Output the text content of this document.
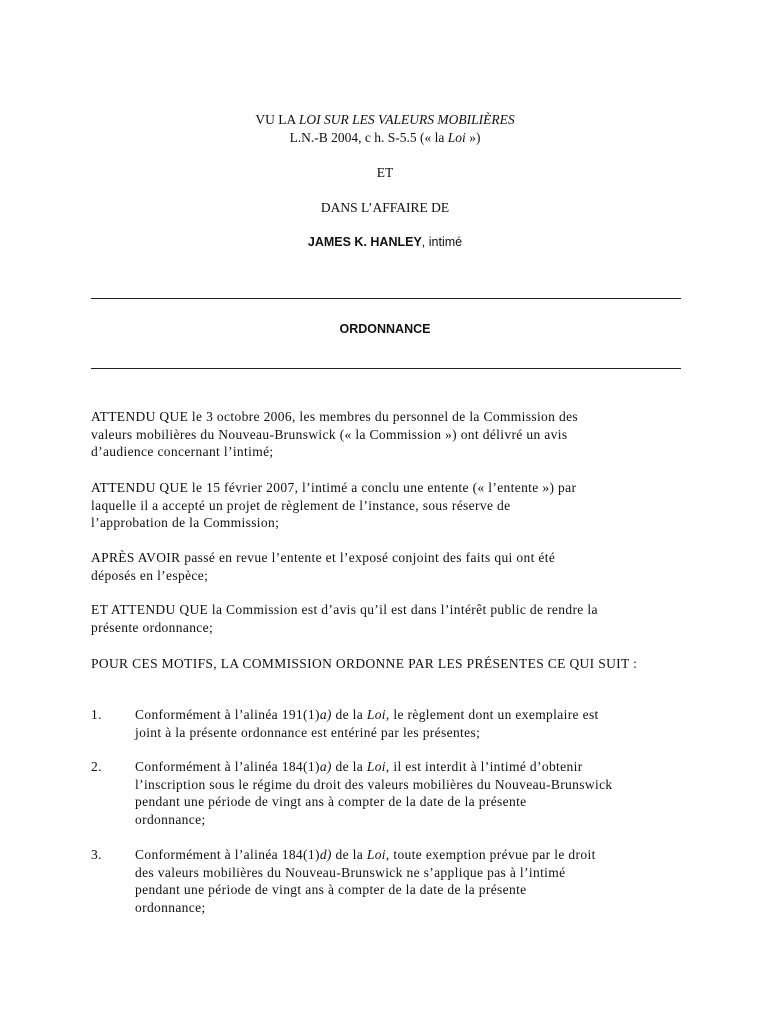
VU LA LOI SUR LES VALEURS MOBILIÈRES
L.N.-B 2004, c h. S-5.5 (« la Loi »)
ET
DANS L’AFFAIRE DE
JAMES K. HANLEY, intimé
ORDONNANCE
ATTENDU QUE le 3 octobre 2006, les membres du personnel de la Commission des
valeurs mobilières du Nouveau-Brunswick (« la Commission ») ont délivré un avis
d’audience concernant l’intimé;
ATTENDU QUE le 15 février 2007, l’intimé a conclu une entente (« l’entente ») par
laquelle il a accepté un projet de règlement de l’instance, sous réserve de
l’approbation de la Commission;
APRÈS AVOIR passé en revue l’entente et l’exposé conjoint des faits qui ont été
déposés en l’espèce;
ET ATTENDU QUE la Commission est d’avis qu’il est dans l’intérêt public de rendre la
présente ordonnance;
POUR CES MOTIFS, LA COMMISSION ORDONNE PAR LES PRÉSENTES CE QUI SUIT :
1. Conformément à l’alinéa 191(1)a) de la Loi, le règlement dont un exemplaire est
joint à la présente ordonnance est entériné par les présentes;
2. Conformément à l’alinéa 184(1)a) de la Loi, il est interdit à l’intimé d’obtenir
l’inscription sous le régime du droit des valeurs mobilières du Nouveau-Brunswick
pendant une période de vingt ans à compter de la date de la présente
ordonnance;
3. Conformément à l’alinéa 184(1)d) de la Loi, toute exemption prévue par le droit
des valeurs mobilières du Nouveau-Brunswick ne s’applique pas à l’intimé
pendant une période de vingt ans à compter de la date de la présente
ordonnance;
